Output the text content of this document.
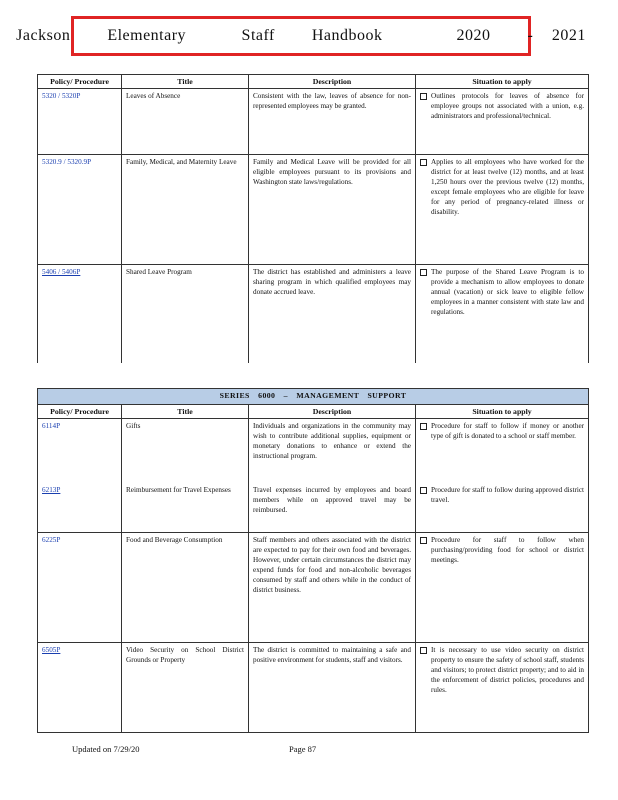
Jackson  Elementary   Staff  Handbook    2020  - 2021
Policy/ Procedure	Title	Description	Situation to apply
5320 / 5320P	Leaves of Absence	Consistent with the law, leaves of absence for non-represented employees may be granted.	Outlines protocols for leaves of absence for employee groups not associated with a union, e.g. administrators and professional/technical.

5320.9 / 5320.9P	Family, Medical, and Maternity Leave	Family and Medical Leave will be provided for all eligible employees pursuant to its provisions and Washington state laws/regulations.	Applies to all employees who have worked for the district for at least twelve (12) months, and at least 1,250 hours over the previous twelve (12) months, except female employees who are eligible for leave for any period of pregnancy-related illness or disability.

5406 / 5406P	Shared Leave Program	The district has established and administers a leave sharing program in which qualified employees may donate accrued leave.	The purpose of the Shared Leave Program is to provide a mechanism to allow employees to donate annual (vacation) or sick leave to eligible fellow employees in a manner consistent with state law and regulations.
SERIES 6000 – MANAGEMENT SUPPORT			
Policy/ Procedure	Title	Description	Situation to apply
6114P	Gifts	Individuals and organizations in the community may wish to contribute additional supplies, equipment or monetary donations to enhance or extend the instructional program.	Procedure for staff to follow if money or another type of gift is donated to a school or staff member.

6213P	Reimbursement for Travel Expenses	Travel expenses incurred by employees and board members while on approved travel may be reimbursed.	Procedure for staff to follow during approved district travel.

6225P	Food and Beverage Consumption	Staff members and others associated with the district are expected to pay for their own food and beverages. However, under certain circumstances the district may expend funds for food and non-alcoholic beverages consumed by staff and others while in the conduct of district business.	Procedure for staff to follow when purchasing/providing food for school or district meetings.

6505P	Video Security on School District Grounds or Property	The district is committed to maintaining a safe and positive environment for students, staff and visitors.	It is necessary to use video security on district property to ensure the safety of school staff, students and visitors; to protect district property; and to aid in the enforcement of district policies, procedures and rules.
Updated on 7/29/20	Page 87
